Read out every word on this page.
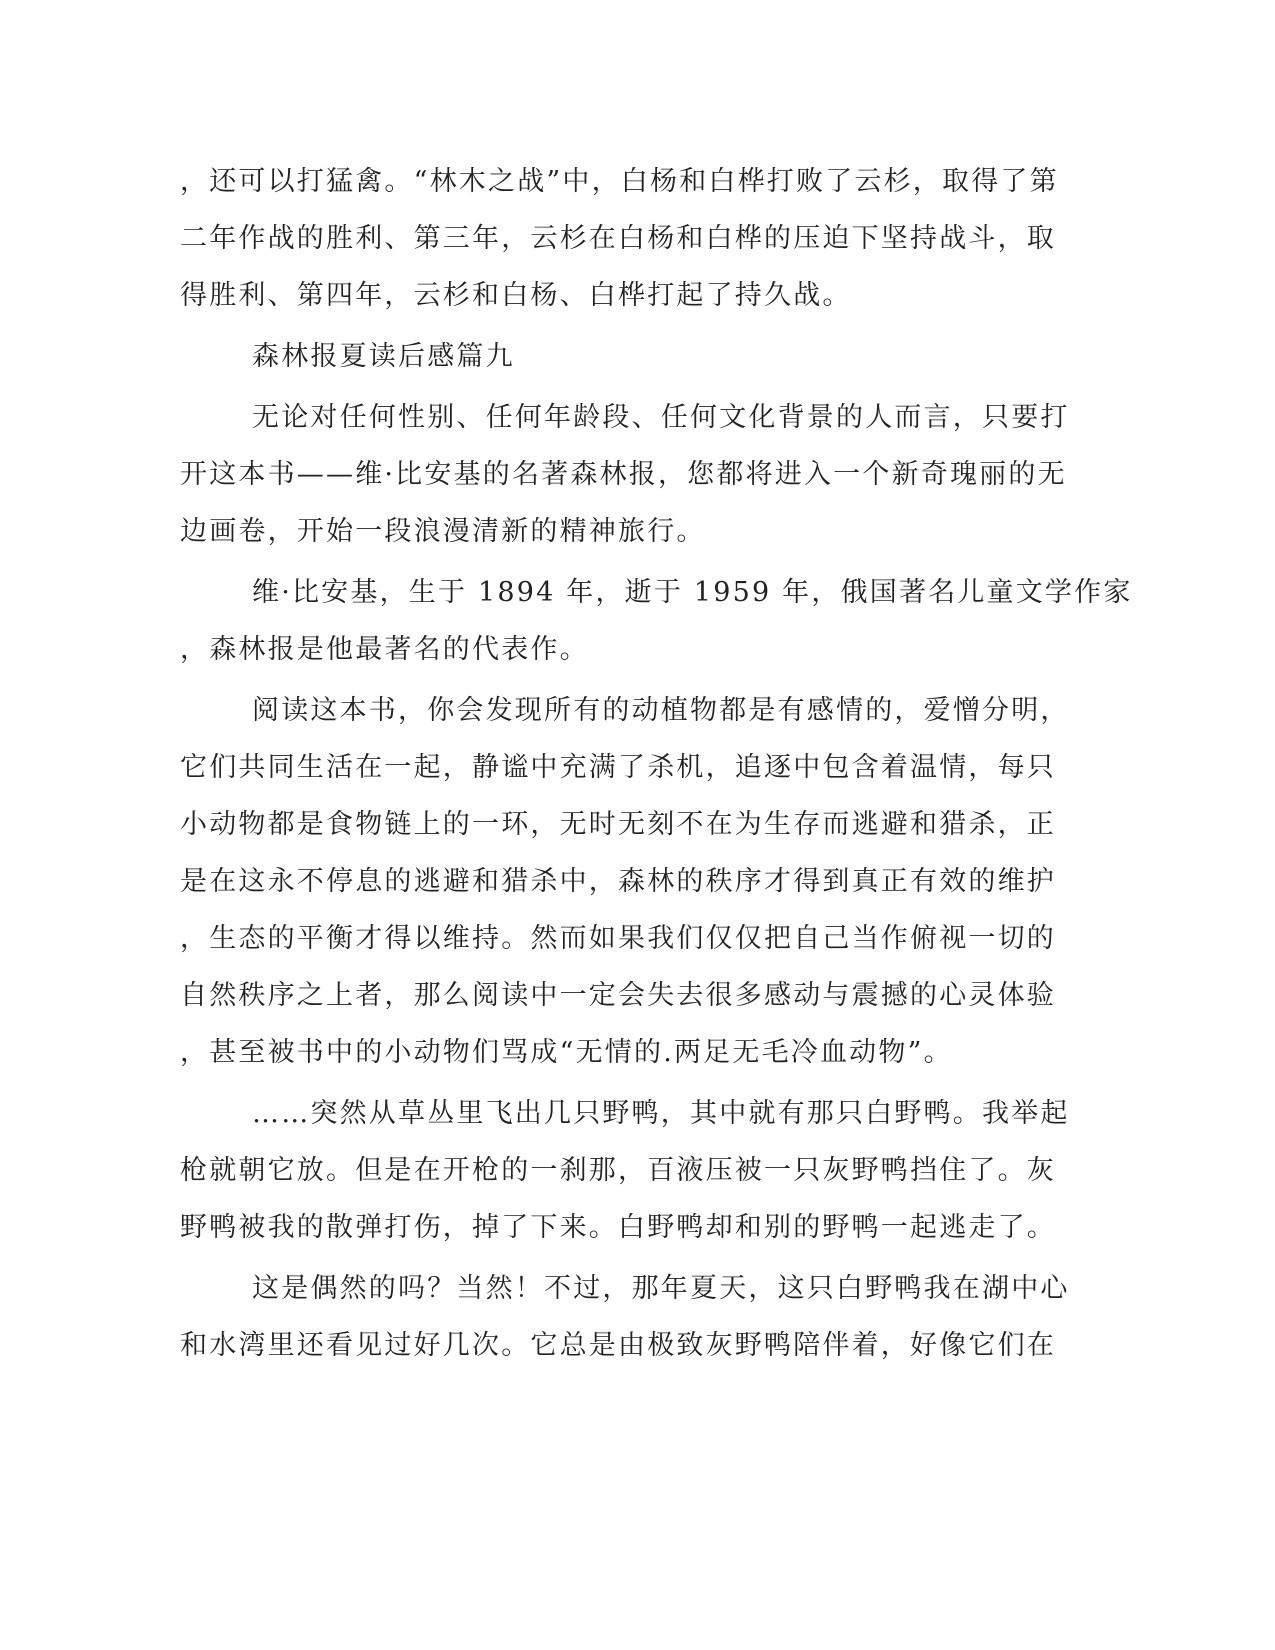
，还可以打猛禽。“林木之战”中，白杨和白桦打败了云杉，取得了第
二年作战的胜利、第三年，云杉在白杨和白桦的压迫下坚持战斗，取
得胜利、第四年，云杉和白杨、白桦打起了持久战。
森林报夏读后感篇九
无论对任何性别、任何年龄段、任何文化背景的人而言，只要打
开这本书——维·比安基的名著森林报，您都将进入一个新奇瑰丽的无
边画卷，开始一段浪漫清新的精神旅行。
维·比安基，生于 1894 年，逝于 1959 年，俄国著名儿童文学作家
，森林报是他最著名的代表作。
阅读这本书，你会发现所有的动植物都是有感情的，爱憎分明，
它们共同生活在一起，静谧中充满了杀机，追逐中包含着温情，每只
小动物都是食物链上的一环，无时无刻不在为生存而逃避和猎杀，正
是在这永不停息的逃避和猎杀中，森林的秩序才得到真正有效的维护
，生态的平衡才得以维持。然而如果我们仅仅把自己当作俯视一切的
自然秩序之上者，那么阅读中一定会失去很多感动与震撼的心灵体验
，甚至被书中的小动物们骂成“无情的.两足无毛冷血动物”。
……突然从草丛里飞出几只野鸭，其中就有那只白野鸭。我举起
枪就朝它放。但是在开枪的一刹那，百液压被一只灰野鸭挡住了。灰
野鸭被我的散弹打伤，掉了下来。白野鸭却和别的野鸭一起逃走了。
这是偶然的吗？当然！不过，那年夏天，这只白野鸭我在湖中心
和水湾里还看见过好几次。它总是由极致灰野鸭陪伴着，好像它们在
